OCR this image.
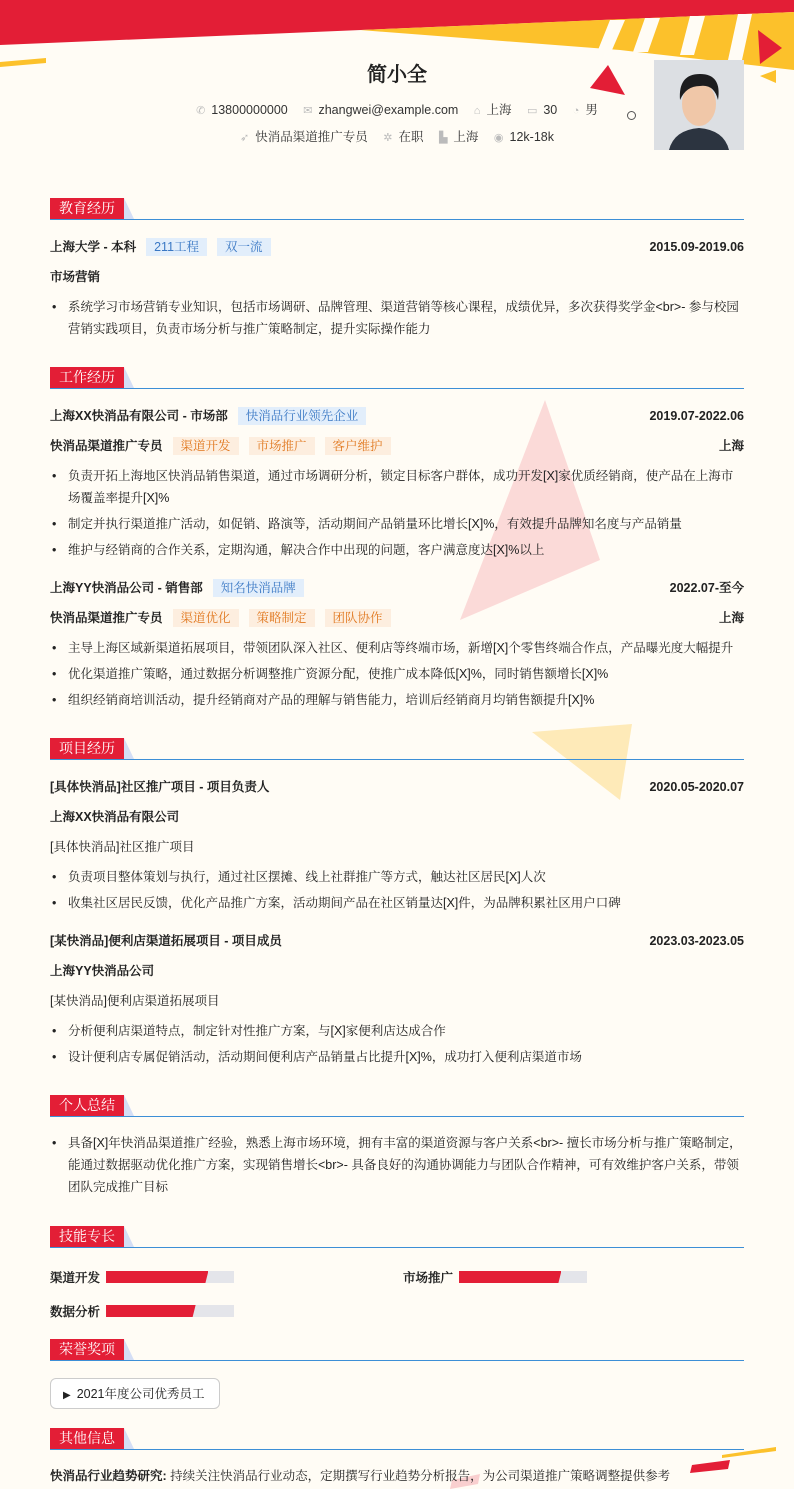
简小全
✆ 13800000000 ✉ zhangwei@example.com ⌂ 上海 ▭ 30 ◔ 男
➶ 快消品渠道推广专员 ✲ 在职 ▙ 上海 ◉ 12k-18k
教育经历
上海大学 - 本科	211工程	双一流	2015.09-2019.06
市场营销
• 系统学习市场营销专业知识，包括市场调研、品牌管理、渠道营销等核心课程，成绩优异，多次获得奖学金<br>- 参与校园营销实践项目，负责市场分析与推广策略制定，提升实际操作能力
工作经历
上海XX快消品有限公司 - 市场部	快消品行业领先企业	2019.07-2022.06
快消品渠道推广专员	渠道开发	市场推广	客户维护	上海
• 负责开拓上海地区快消品销售渠道，通过市场调研分析，锁定目标客户群体，成功开发[X]家优质经销商，使产品在上海市场覆盖率提升[X]%
• 制定并执行渠道推广活动，如促销、路演等，活动期间产品销量环比增长[X]%，有效提升品牌知名度与产品销量
• 维护与经销商的合作关系，定期沟通，解决合作中出现的问题，客户满意度达[X]%以上
上海YY快消品公司 - 销售部	知名快消品牌	2022.07-至今
快消品渠道推广专员	渠道优化	策略制定	团队协作	上海
• 主导上海区域新渠道拓展项目，带领团队深入社区、便利店等终端市场，新增[X]个零售终端合作点，产品曝光度大幅提升
• 优化渠道推广策略，通过数据分析调整推广资源分配，使推广成本降低[X]%，同时销售额增长[X]%
• 组织经销商培训活动，提升经销商对产品的理解与销售能力，培训后经销商月均销售额提升[X]%
项目经历
[具体快消品]社区推广项目 - 项目负责人	2020.05-2020.07
上海XX快消品有限公司
[具体快消品]社区推广项目
• 负责项目整体策划与执行，通过社区摆摊、线上社群推广等方式，触达社区居民[X]人次
• 收集社区居民反馈，优化产品推广方案，活动期间产品在社区销量达[X]件，为品牌积累社区用户口碑
[某快消品]便利店渠道拓展项目 - 项目成员	2023.03-2023.05
上海YY快消品公司
[某快消品]便利店渠道拓展项目
• 分析便利店渠道特点，制定针对性推广方案，与[X]家便利店达成合作
• 设计便利店专属促销活动，活动期间便利店产品销量占比提升[X]%，成功打入便利店渠道市场
个人总结
• 具备[X]年快消品渠道推广经验，熟悉上海市场环境，拥有丰富的渠道资源与客户关系<br>- 擅长市场分析与推广策略制定，能通过数据驱动优化推广方案，实现销售增长<br>- 具备良好的沟通协调能力与团队合作精神，可有效维护客户关系，带领团队完成推广目标
技能专长
渠道开发	市场推广
数据分析
荣誉奖项
▶ 2021年度公司优秀员工
其他信息
快消品行业趋势研究: 持续关注快消品行业动态，定期撰写行业趋势分析报告，为公司渠道推广策略调整提供参考
